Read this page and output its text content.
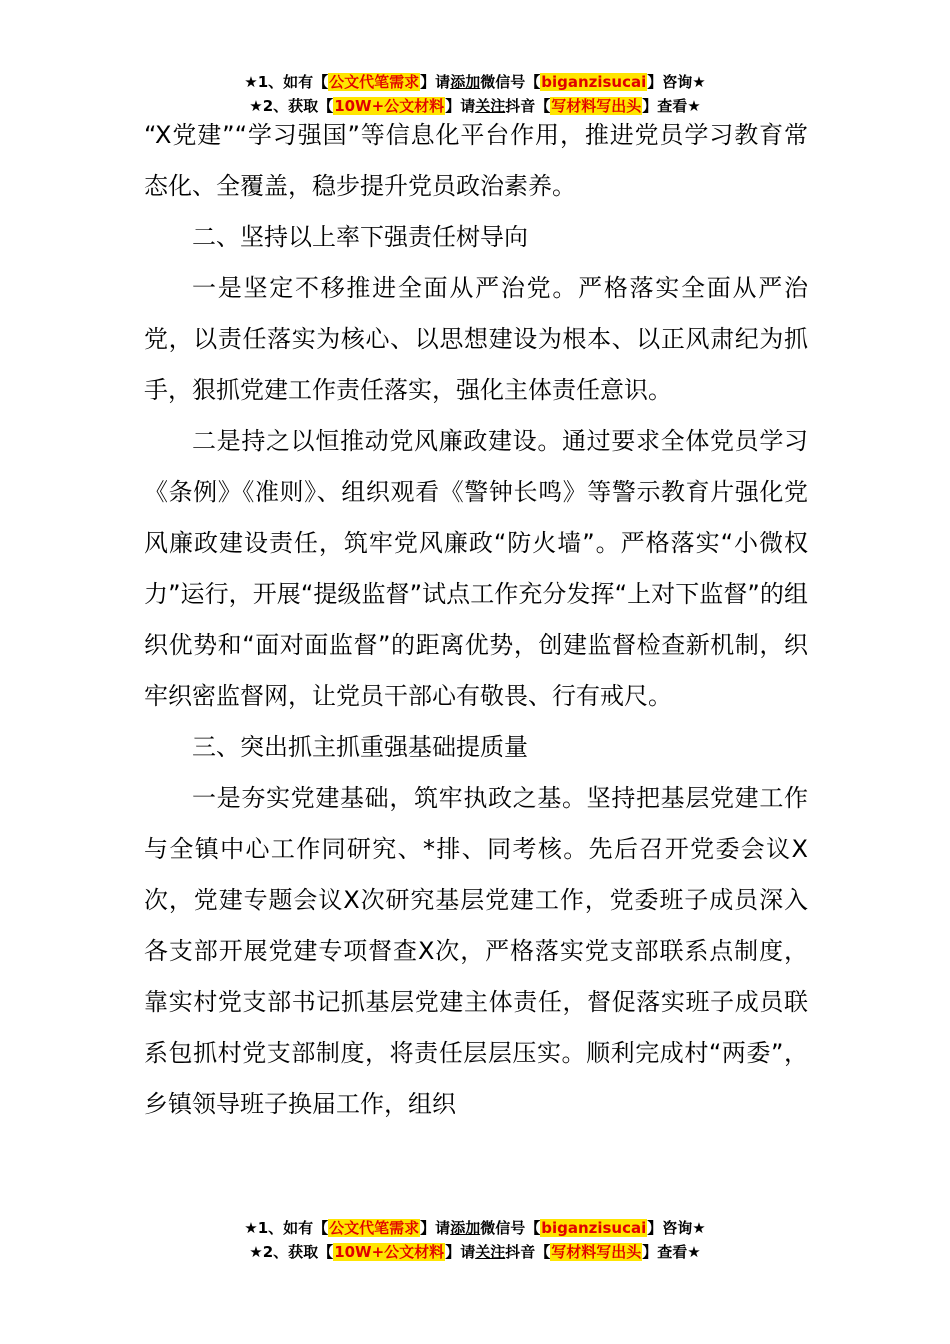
★1、如有【公文代笔需求】请添加微信号【biganzisucai】咨询★
★2、获取【10W+公文材料】请关注抖音【写材料写出头】查看★

“X党建”“学习强国”等信息化平台作用，推进党员学习教育常态化、全覆盖，稳步提升党员政治素养。

二、坚持以上率下强责任树导向

一是坚定不移推进全面从严治党。严格落实全面从严治党，以责任落实为核心、以思想建设为根本、以正风肃纪为抓手，狠抓党建工作责任落实，强化主体责任意识。

二是持之以恒推动党风廉政建设。通过要求全体党员学习《条例》《准则》、组织观看《警钟长鸣》等警示教育片强化党风廉政建设责任，筑牢党风廉政“防火墙”。严格落实“小微权力”运行，开展“提级监督”试点工作充分发挥“上对下监督”的组织优势和“面对面监督”的距离优势，创建监督检查新机制，织牢织密监督网，让党员干部心有敬畏、行有戒尺。

三、突出抓主抓重强基础提质量

一是夯实党建基础，筑牢执政之基。坚持把基层党建工作与全镇中心工作同研究、*排、同考核。先后召开党委会议X次，党建专题会议X次研究基层党建工作，党委班子成员深入各支部开展党建专项督查X次，严格落实党支部联系点制度，靠实村党支部书记抓基层党建主体责任，督促落实班子成员联系包抓村党支部制度，将责任层层压实。顺利完成村“两委”，乡镇领导班子换届工作，组织

★1、如有【公文代笔需求】请添加微信号【biganzisucai】咨询★
★2、获取【10W+公文材料】请关注抖音【写材料写出头】查看★
